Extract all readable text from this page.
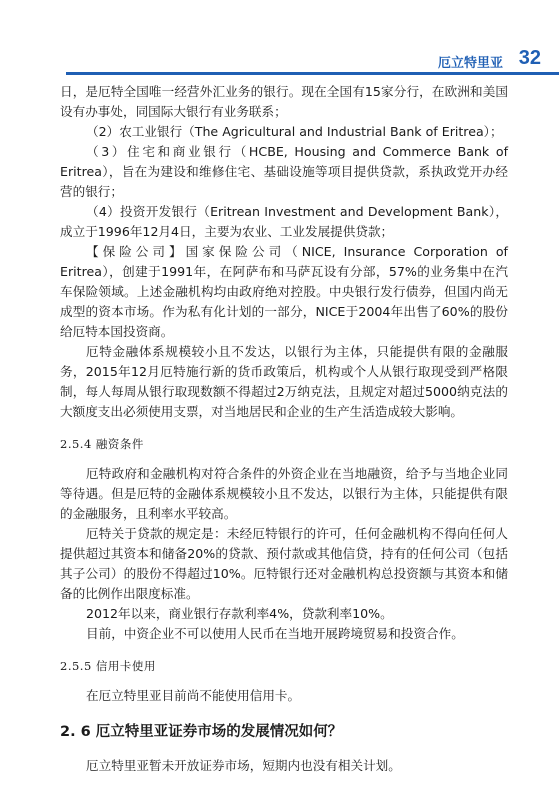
厄立特里亚 32

日，是厄特全国唯一经营外汇业务的银行。现在全国有15家分行，在欧洲和美国设有办事处，同国际大银行有业务联系；

（2）农工业银行（The Agricultural and Industrial Bank of Eritrea）；

（3）住宅和商业银行（HCBE, Housing and Commerce Bank of Eritrea），旨在为建设和维修住宅、基础设施等项目提供贷款，系执政党开办经营的银行；

（4）投资开发银行（Eritrean Investment and Development Bank），成立于1996年12月4日，主要为农业、工业发展提供贷款；

【保险公司】国家保险公司（NICE, Insurance Corporation of Eritrea），创建于1991年，在阿萨布和马萨瓦设有分部，57%的业务集中在汽车保险领域。上述金融机构均由政府绝对控股。中央银行发行债券，但国内尚无成型的资本市场。作为私有化计划的一部分，NICE于2004年出售了60%的股份给厄特本国投资商。

厄特金融体系规模较小且不发达，以银行为主体，只能提供有限的金融服务，2015年12月厄特施行新的货币政策后，机构或个人从银行取现受到严格限制，每人每周从银行取现数额不得超过2万纳克法，且规定对超过5000纳克法的大额度支出必须使用支票，对当地居民和企业的生产生活造成较大影响。

2.5.4 融资条件

厄特政府和金融机构对符合条件的外资企业在当地融资，给予与当地企业同等待遇。但是厄特的金融体系规模较小且不发达，以银行为主体，只能提供有限的金融服务，且利率水平较高。

厄特关于贷款的规定是：未经厄特银行的许可，任何金融机构不得向任何人提供超过其资本和储备20%的贷款、预付款或其他信贷，持有的任何公司（包括其子公司）的股份不得超过10%。厄特银行还对金融机构总投资额与其资本和储备的比例作出限度标准。

2012年以来，商业银行存款利率4%，贷款利率10%。

目前，中资企业不可以使用人民币在当地开展跨境贸易和投资合作。

2.5.5 信用卡使用

在厄立特里亚目前尚不能使用信用卡。

2. 6 厄立特里亚证券市场的发展情况如何？

厄立特里亚暂未开放证券市场，短期内也没有相关计划。
